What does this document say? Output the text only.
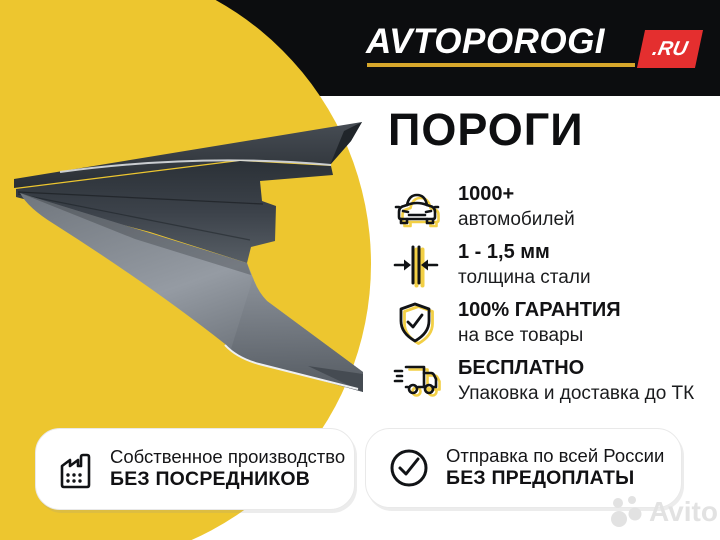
AVTOPOROGI .RU
ПОРОГИ
1000+
автомобилей
1 - 1,5 мм
толщина стали
100% ГАРАНТИЯ
на все товары
БЕСПЛАТНО
Упаковка и доставка до ТК
Собственное производство
БЕЗ ПОСРЕДНИКОВ
Отправка по всей России
БЕЗ ПРЕДОПЛАТЫ
Avito
